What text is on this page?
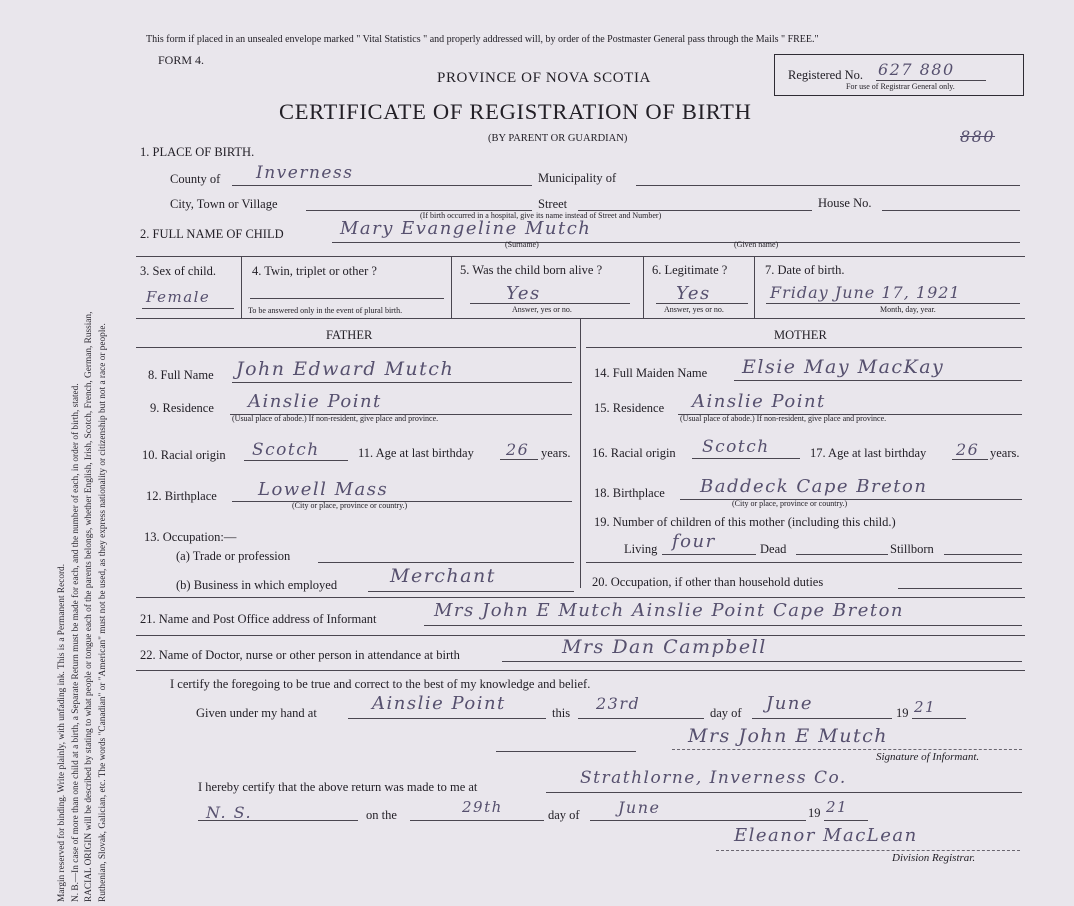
Margin reserved for binding. Write plainly, with unfading ink. This is a Permanent Record. N. B.—In case of more than one child at a birth, a Separate Return must be made for each, and the number of each, in order of birth, stated. RACIAL ORIGIN will be described by stating to what people or tongue each of the parents belongs, whether English, Irish, Scotch, French, German, Russian, Ruthenian, Slovak, Galician, etc. The words "Canadian" or "American" must not be used, as they express nationality or citizenship but not a race or people.
This form if placed in an unsealed envelope marked " Vital Statistics " and properly addressed will, by order of the Postmaster General pass through the Mails " FREE."
FORM 4.
PROVINCE OF NOVA SCOTIA
CERTIFICATE OF REGISTRATION OF BIRTH
(BY PARENT OR GUARDIAN)
Registered No. 627 880
For use of Registrar General only.
880
1. PLACE OF BIRTH.
County of Inverness	Municipality of
City, Town or Village	Street	House No.
(If birth occurred in a hospital, give its name instead of Street and Number)
2. FULL NAME OF CHILD	Mary Evangeline Mutch
(Surname)	(Given name)
3. Sex of child.
Female
4. Twin, triplet or other ?
To be answered only in the event of plural birth.
5. Was the child born alive ?
Yes
Answer, yes or no.
6. Legitimate ?
Yes
Answer, yes or no.
7. Date of birth.
Friday June 17, 1921
Month, day, year.
FATHER	MOTHER
8. Full Name John Edward Mutch
9. Residence Ainslie Point
(Usual place of abode.) If non-resident, give place and province.
10. Racial origin Scotch	11. Age at last birthday 26 years.
12. Birthplace Lowell Mass
(City or place, province or country.)
13. Occupation:—
(a) Trade or profession
(b) Business in which employed	Merchant
14. Full Maiden Name Elsie May MacKay
15. Residence Ainslie Point
(Usual place of abode.) If non-resident, give place and province.
16. Racial origin Scotch	17. Age at last birthday 26 years.
18. Birthplace Baddeck Cape Breton
(City or place, province or country.)
19. Number of children of this mother (including this child.)
Living four	Dead	Stillborn
20. Occupation, if other than household duties
21. Name and Post Office address of Informant	Mrs John E Mutch Ainslie Point Cape Breton
22. Name of Doctor, nurse or other person in attendance at birth	Mrs Dan Campbell
I certify the foregoing to be true and correct to the best of my knowledge and belief.
Given under my hand at	Ainslie Point	this 23rd	day of June	19 21
Mrs John E Mutch
Signature of Informant.
I hereby certify that the above return was made to me at	Strathlorne, Inverness Co.
N. S.	on the	29th	day of June	19 21
Eleanor MacLean
Division Registrar.
